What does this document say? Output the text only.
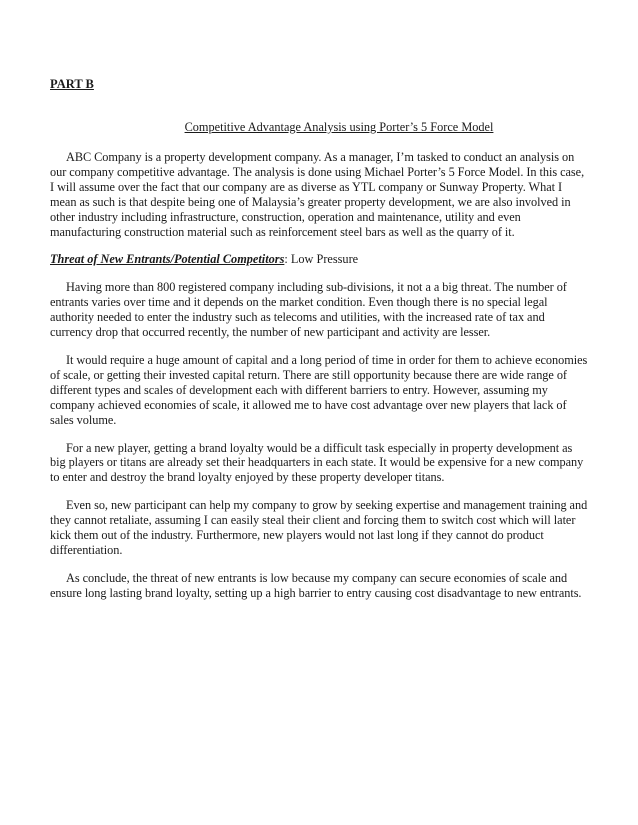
PART B
Competitive Advantage Analysis using Porter’s 5 Force Model

ABC Company is a property development company. As a manager, I’m tasked to conduct an analysis on our company competitive advantage. The analysis is done using Michael Porter’s 5 Force Model. In this case, I will assume over the fact that our company are as diverse as YTL company or Sunway Property. What I mean as such is that despite being one of Malaysia’s greater property development, we are also involved in other industry including infrastructure, construction, operation and maintenance, utility and even manufacturing construction material such as reinforcement steel bars as well as the quarry of it.

Threat of New Entrants/Potential Competitors: Low Pressure

Having more than 800 registered company including sub-divisions, it not a a big threat. The number of entrants varies over time and it depends on the market condition. Even though there is no special legal authority needed to enter the industry such as telecoms and utilities, with the increased rate of tax and currency drop that occurred recently, the number of new participant and activity are lesser.

It would require a huge amount of capital and a long period of time in order for them to achieve economies of scale, or getting their invested capital return. There are still opportunity because there are wide range of different types and scales of development each with different barriers to entry. However, assuming my company achieved economies of scale, it allowed me to have cost advantage over new players that lack of sales volume.

For a new player, getting a brand loyalty would be a difficult task especially in property development as big players or titans are already set their headquarters in each state. It would be expensive for a new company to enter and destroy the brand loyalty enjoyed by these property developer titans.

Even so, new participant can help my company to grow by seeking expertise and management training and they cannot retaliate, assuming I can easily steal their client and forcing them to switch cost which will later kick them out of the industry. Furthermore, new players would not last long if they cannot do product differentiation.

As conclude, the threat of new entrants is low because my company can secure economies of scale and ensure long lasting brand loyalty, setting up a high barrier to entry causing cost disadvantage to new entrants.
